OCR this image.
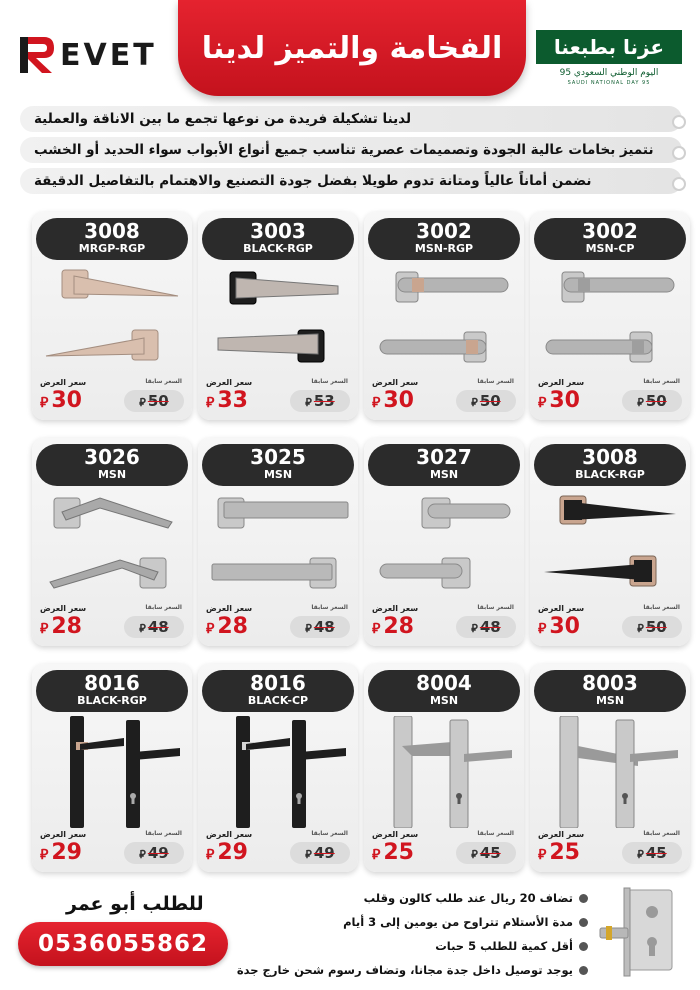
EVET الفخامة والتميز لدينا	عزنا بطبعنا
اليوم الوطني السعودي 95
SAUDI NATIONAL DAY 95
لدينا تشكيلة فريدة من نوعها تجمع ما بين الاناقة والعملية
نتميز بخامات عالية الجودة وتصميمات عصرية تناسب جميع أنواع الأبواب سواء الحديد أو الخشب
نضمن أماناً عالياً ومتانة تدوم طويلا بفضل جودة التصنيع والاهتمام بالتفاصيل الدقيقة
3002
MSN-CP
سعر العرض	السعر سابقا
⃁ 30	⃁ 50
3002
MSN-RGP
سعر العرض	السعر سابقا
⃁ 30	⃁ 50
3003
BLACK-RGP
سعر العرض	السعر سابقا
⃁ 33	⃁ 53
3008
MRGP-RGP
سعر العرض	السعر سابقا
⃁ 30	⃁ 50
3008
BLACK-RGP
سعر العرض	السعر سابقا
⃁ 30	⃁ 50
3027
MSN
سعر العرض	السعر سابقا
⃁ 28	⃁ 48
3025
MSN
سعر العرض	السعر سابقا
⃁ 28	⃁ 48
3026
MSN
سعر العرض	السعر سابقا
⃁ 28	⃁ 48
8003
MSN
سعر العرض	السعر سابقا
⃁ 25	⃁ 45
8004
MSN
سعر العرض	السعر سابقا
⃁ 25	⃁ 45
8016
BLACK-CP
سعر العرض	السعر سابقا
⃁ 29	⃁ 49
8016
BLACK-RGP
سعر العرض	السعر سابقا
⃁ 29	⃁ 49
للطلب أبو عمر
0536055862
تضاف 20 ريال عند طلب كالون وقلب
مدة الأستلام تتراوح من يومين إلى 3 أيام
أقل كمية للطلب 5 حبات
يوجد توصيل داخل جدة مجانا، وتضاف رسوم شحن خارج جدة
